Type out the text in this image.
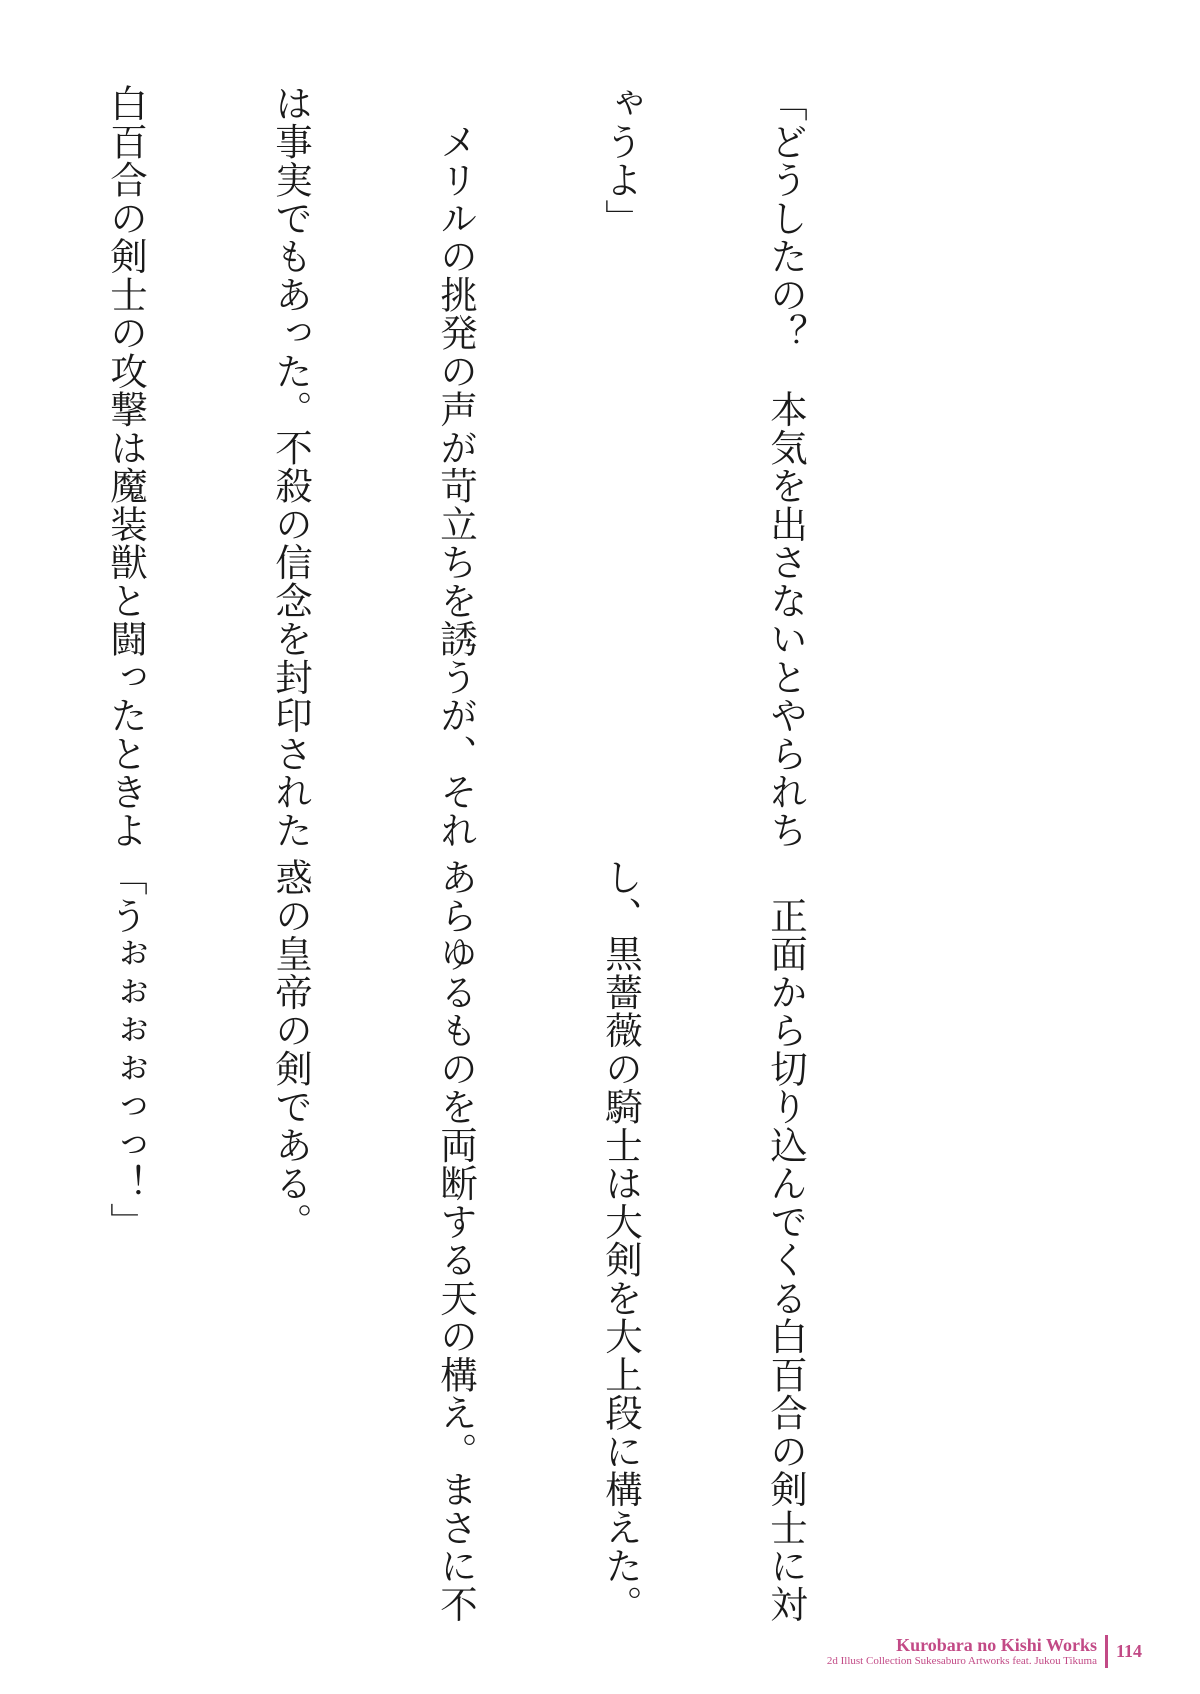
「どうしたの？　本気を出さないとやられち

ゃうよ」

　メリルの挑発の声が苛立ちを誘うが、それ

は事実でもあった。不殺の信念を封印された

白百合の剣士の攻撃は魔装獣と闘ったときよ

　正面から切り込んでくる白百合の剣士に対

し、黒薔薇の騎士は大剣を大上段に構えた。

あらゆるものを両断する天の構え。まさに不

惑の皇帝の剣である。

「うぉぉぉぉっっ！」

Kurobara no Kishi Works
2d Illust Collection Sukesaburo Artworks feat. Jukou Tikuma 114
